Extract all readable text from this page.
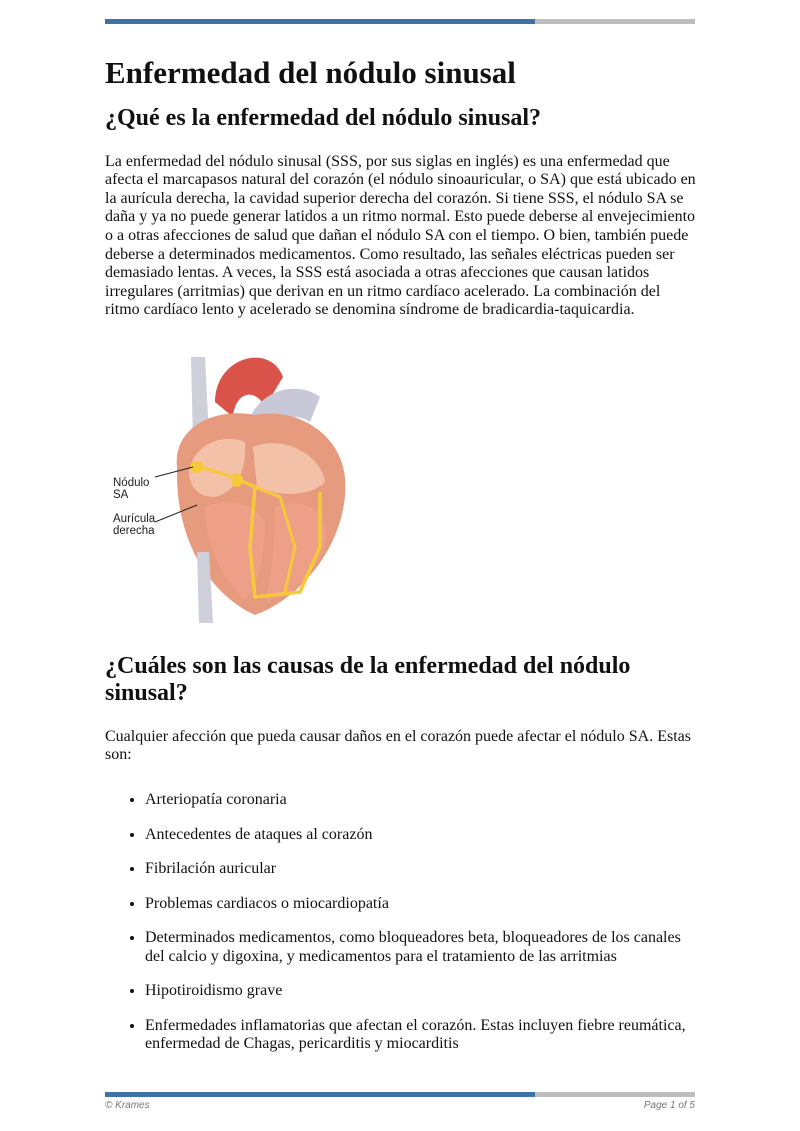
Enfermedad del nódulo sinusal
¿Qué es la enfermedad del nódulo sinusal?

La enfermedad del nódulo sinusal (SSS, por sus siglas en inglés) es una enfermedad que afecta el marcapasos natural del corazón (el nódulo sinoauricular, o SA) que está ubicado en la aurícula derecha, la cavidad superior derecha del corazón. Si tiene SSS, el nódulo SA se daña y ya no puede generar latidos a un ritmo normal. Esto puede deberse al envejecimiento o a otras afecciones de salud que dañan el nódulo SA con el tiempo. O bien, también puede deberse a determinados medicamentos. Como resultado, las señales eléctricas pueden ser demasiado lentas. A veces, la SSS está asociada a otras afecciones que causan latidos irregulares (arritmias) que derivan en un ritmo cardíaco acelerado. La combinación del ritmo cardíaco lento y acelerado se denomina síndrome de bradicardia-taquicardia.

Nódulo
SA
Aurícula
derecha
¿Cuáles son las causas de la enfermedad del nódulo sinusal?

Cualquier afección que pueda causar daños en el corazón puede afectar el nódulo SA. Estas son:

• Arteriopatía coronaria
• Antecedentes de ataques al corazón
• Fibrilación auricular
• Problemas cardiacos o miocardiopatía
• Determinados medicamentos, como bloqueadores beta, bloqueadores de los canales del calcio y digoxina, y medicamentos para el tratamiento de las arritmias
• Hipotiroidismo grave
• Enfermedades inflamatorias que afectan el corazón. Estas incluyen fiebre reumática, enfermedad de Chagas, pericarditis y miocarditis
© Krames	Page 1 of 5
